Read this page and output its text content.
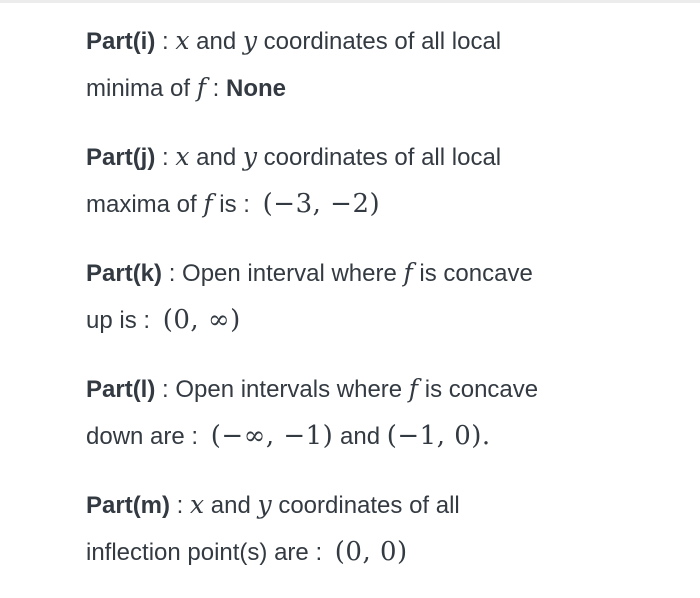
Part(i) : x and y coordinates of all local
minima of f : None
Part(j) : x and y coordinates of all local
maxima of f is : (−3, −2)
Part(k) : Open interval where f is concave
up is : (0, ∞)
Part(l) : Open intervals where f is concave
down are : (−∞, −1) and (−1, 0).
Part(m) : x and y coordinates of all
inflection point(s) are : (0, 0)
